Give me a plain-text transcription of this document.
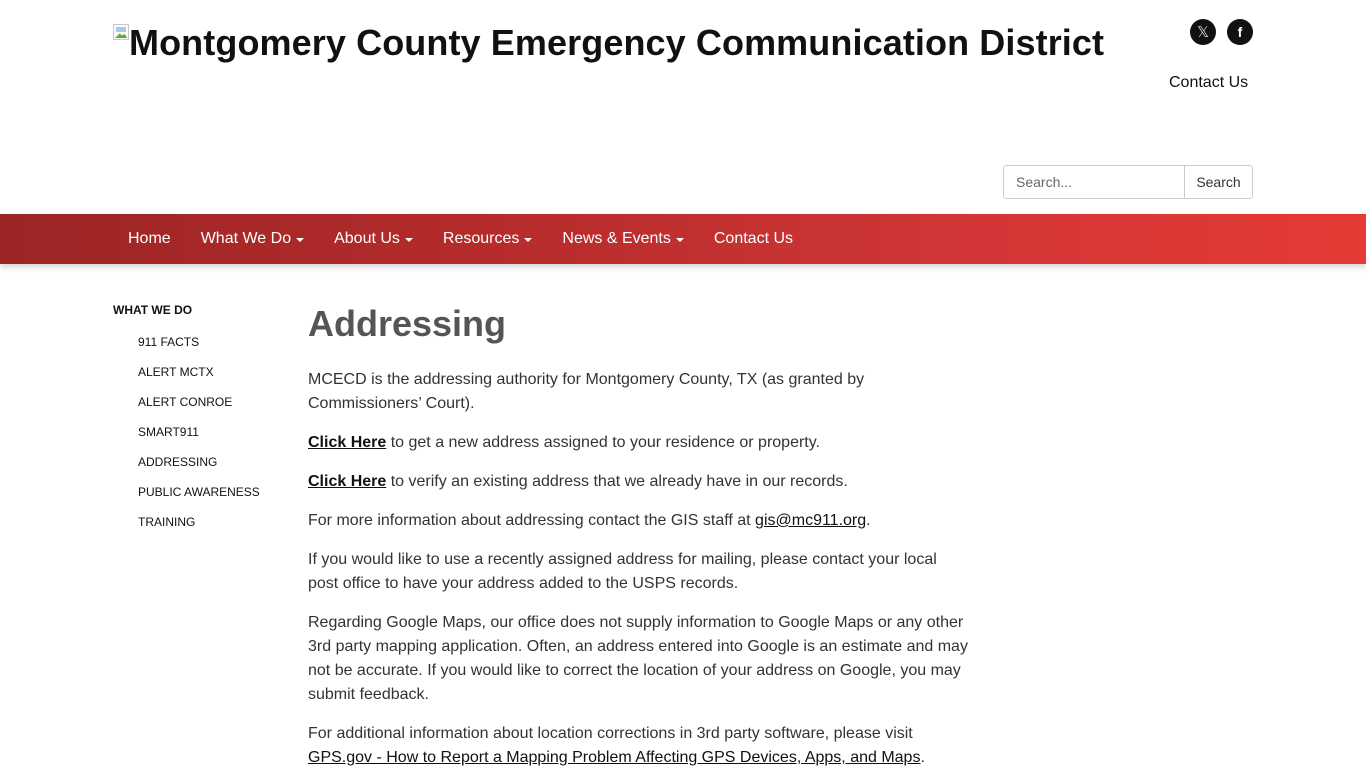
Montgomery County Emergency Communication District	𝕏	f
Contact Us
Search...
Search
Home What We Do	About Us	Resources	News & Events	Contact Us
WHAT WE DO
911 FACTS
ALERT MCTX
ALERT CONROE
SMART911
ADDRESSING
PUBLIC AWARENESS
TRAINING
Addressing

MCECD is the addressing authority for Montgomery County, TX (as granted by Commissioners’ Court).

Click Here to get a new address assigned to your residence or property.

Click Here to verify an existing address that we already have in our records.

For more information about addressing contact the GIS staff at gis@mc911.org.

If you would like to use a recently assigned address for mailing, please contact your local post office to have your address added to the USPS records.

Regarding Google Maps, our office does not supply information to Google Maps or any other 3rd party mapping application. Often, an address entered into Google is an estimate and may not be accurate. If you would like to correct the location of your address on Google, you may submit feedback.

For additional information about location corrections in 3rd party software, please visit GPS.gov - How to Report a Mapping Problem Affecting GPS Devices, Apps, and Maps.
